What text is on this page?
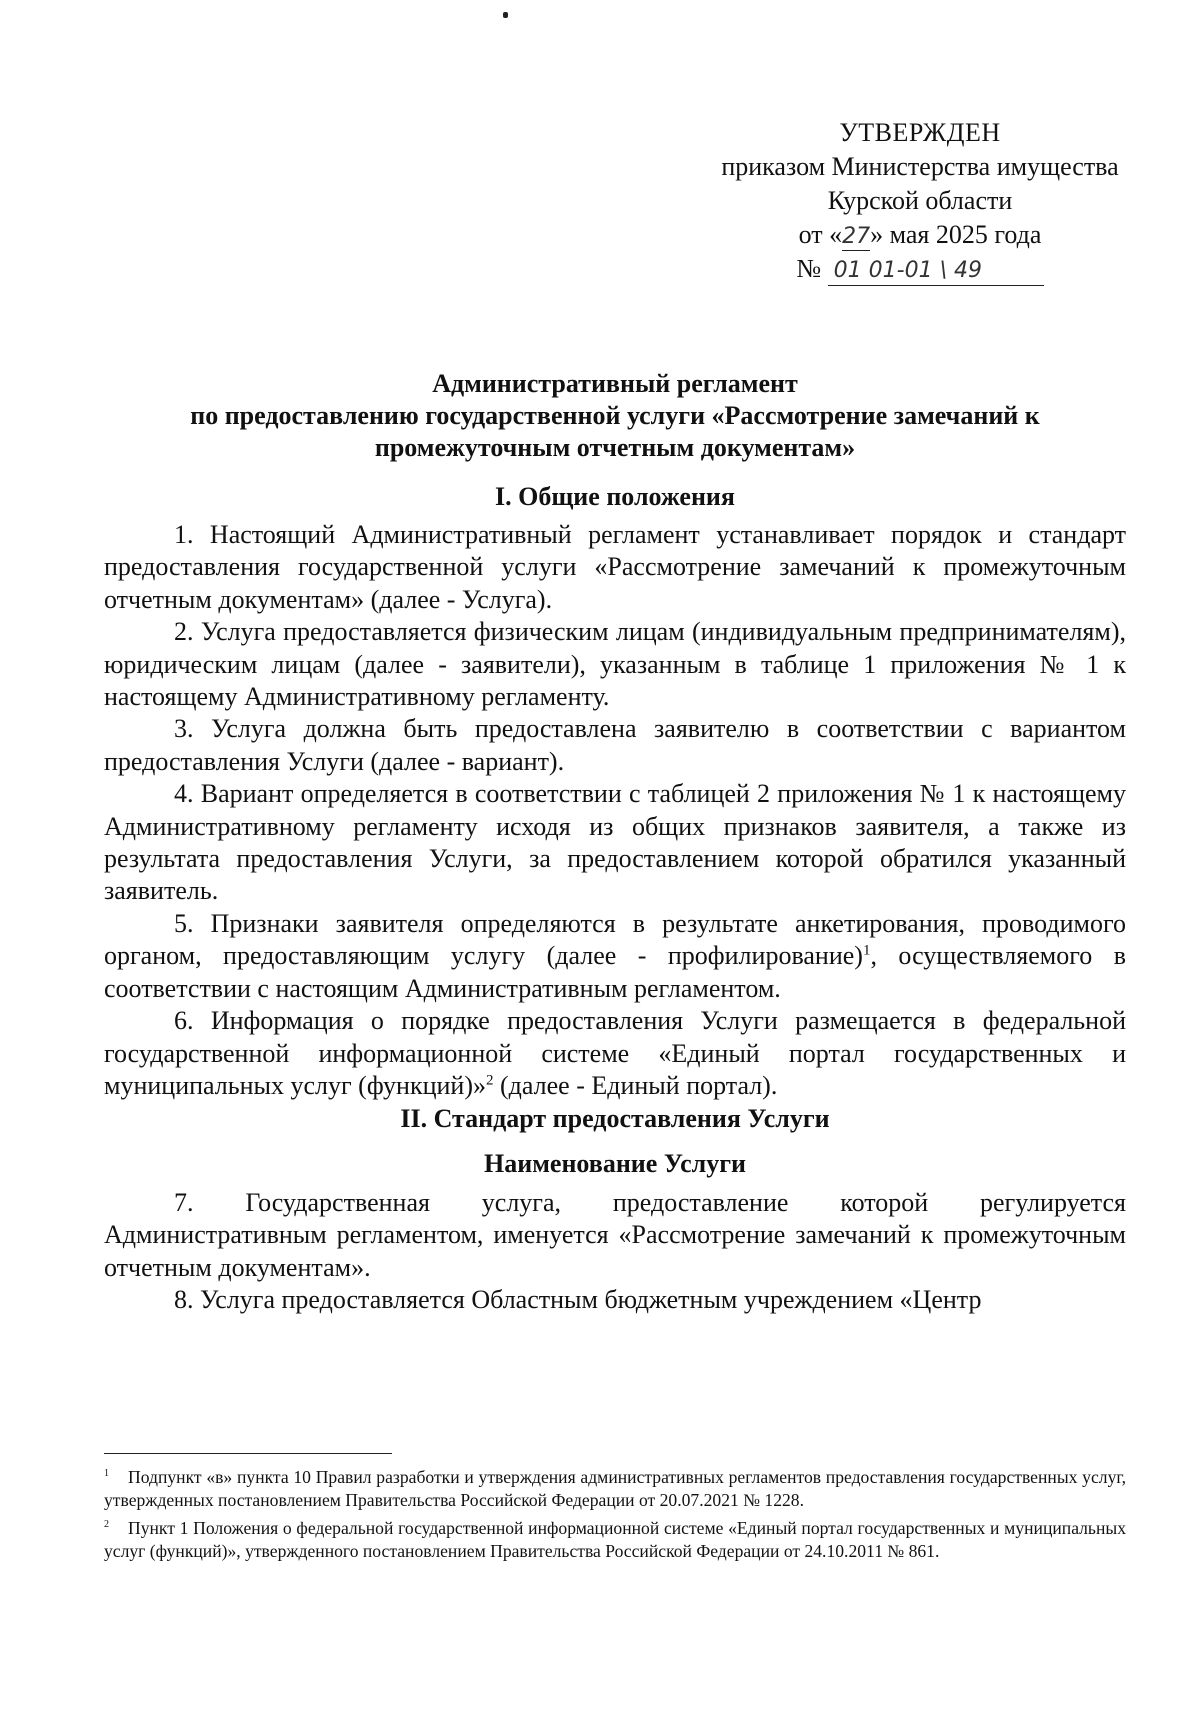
УТВЕРЖДЕН
приказом Министерства имущества
Курской области
от «27» мая 2025 года
№ 01 01-01 \ 49
Административный регламент
по предоставлению государственной услуги «Рассмотрение замечаний к
промежуточным отчетным документам»
I. Общие положения

1. Настоящий Административный регламент устанавливает порядок и стандарт предоставления государственной услуги «Рассмотрение замечаний к промежуточным отчетным документам» (далее - Услуга).

2. Услуга предоставляется физическим лицам (индивидуальным предпринимателям), юридическим лицам (далее - заявители), указанным в таблице 1 приложения № 1 к настоящему Административному регламенту.

3. Услуга должна быть предоставлена заявителю в соответствии с вариантом предоставления Услуги (далее - вариант).

4. Вариант определяется в соответствии с таблицей 2 приложения № 1 к настоящему Административному регламенту исходя из общих признаков заявителя, а также из результата предоставления Услуги, за предоставлением которой обратился указанный заявитель.

5. Признаки заявителя определяются в результате анкетирования, проводимого органом, предоставляющим услугу (далее - профилирование)$^1$, осуществляемого в соответствии с настоящим Административным регламентом.

6. Информация о порядке предоставления Услуги размещается в федеральной государственной информационной системе «Единый портал государственных и муниципальных услуг (функций)»$^2$ (далее - Единый портал).

II. Стандарт предоставления Услуги
Наименование Услуги

7. Государственная услуга, предоставление которой регулируется Административным регламентом, именуется «Рассмотрение замечаний к промежуточным отчетным документам».

8. Услуга предоставляется Областным бюджетным учреждением «Центр

1 Подпункт «в» пункта 10 Правил разработки и утверждения административных регламентов предоставления государственных услуг, утвержденных постановлением Правительства Российской Федерации от 20.07.2021 № 1228.

2 Пункт 1 Положения о федеральной государственной информационной системе «Единый портал государственных и муниципальных услуг (функций)», утвержденного постановлением Правительства Российской Федерации от 24.10.2011 № 861.
